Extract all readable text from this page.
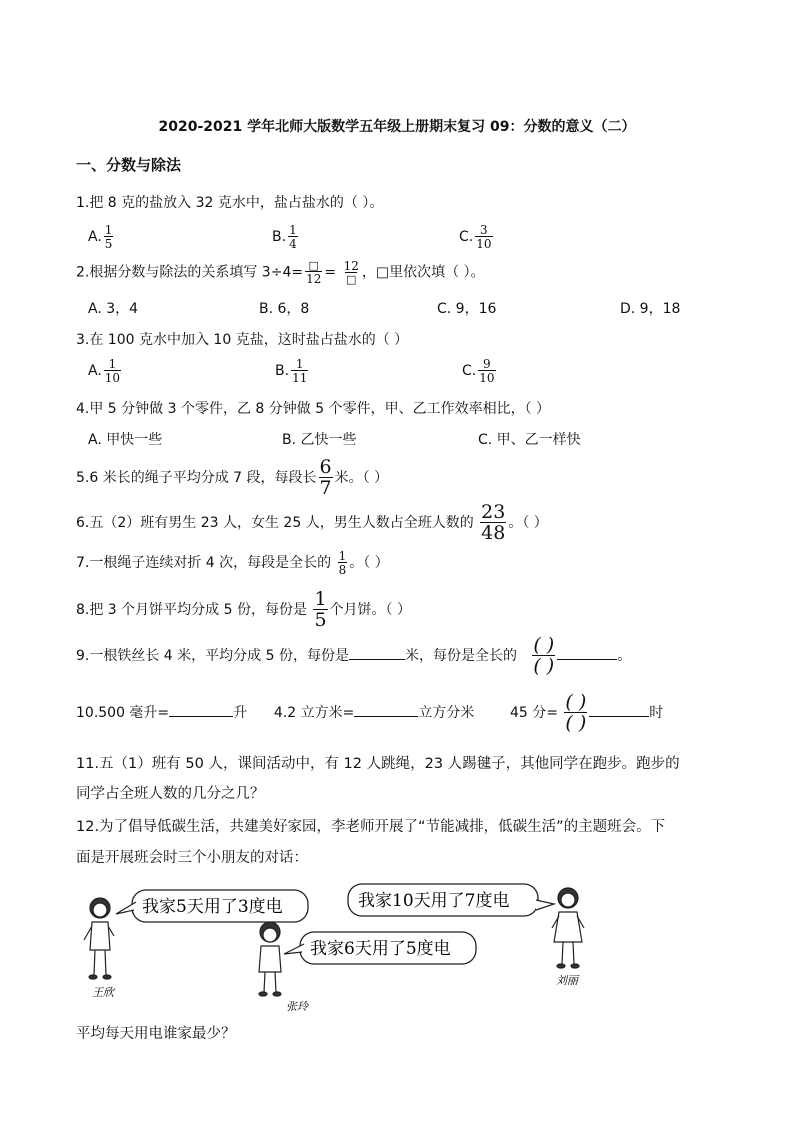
2020-2021 学年北师大版数学五年级上册期末复习 09：分数的意义（二）
一、分数与除法
1.把 8 克的盐放入 32 克水中，盐占盐水的（ ）。
A. $\frac{1}{5}$	B. $\frac{1}{4}$	C. $\frac{3}{10}$
2.根据分数与除法的关系填写 $3\div 4= \frac{□}{12} = \frac{12}{□}$ ，□里依次填（ ）。
A. 3，4	B. 6，8	C. 9，16	D. 9，18
3.在 100 克水中加入 10 克盐，这时盐占盐水的（ ）
A. $\frac{1}{10}$	B. $\frac{1}{11}$	C. $\frac{9}{10}$
4.甲 5 分钟做 3 个零件，乙 8 分钟做 5 个零件，甲、乙工作效率相比，（ ）
A. 甲快一些	B. 乙快一些	C. 甲、乙一样快
5.6 米长的绳子平均分成 7 段，每段长 $\frac{6}{7}$ 米。（ ）
6.五（2）班有男生 23 人，女生 25 人，男生人数占全班人数的 $\frac{23}{48}$ 。（ ）
7.一根绳子连续对折 4 次，每段是全长的 $\frac{1}{8}$ 。（ ）
8.把 3 个月饼平均分成 5 份，每份是 $\frac{1}{5}$ 个月饼。（ ）
9.一根铁丝长 4 米，平均分成 5 份，每份是	米，每份是全长的 $\frac{( )}{( )}$	。
10.500 毫升=	升 4.2 立方米=	立方分米	45 分= $\frac{( )}{( )}$	时
11.五（1）班有 50 人，课间活动中，有 12 人跳绳，23 人踢毽子，其他同学在跑步。跑步的
同学占全班人数的几分之几？
12.为了倡导低碳生活，共建美好家园，李老师开展了“节能减排，低碳生活”的主题班会。下
面是开展班会时三个小朋友的对话：
王欣
我家5天用了3度电
张玲
我家6天用了5度电
我家10天用了7度电
刘丽
平均每天用电谁家最少？
